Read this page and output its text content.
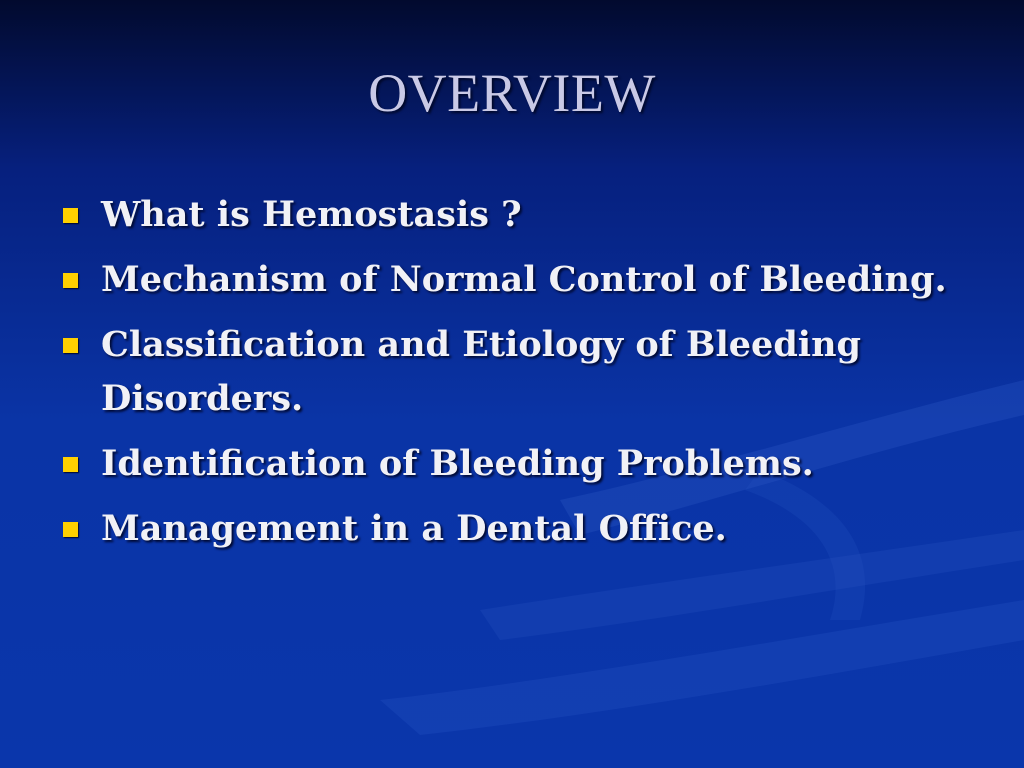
OVERVIEW
What is Hemostasis ?
Mechanism of Normal Control of Bleeding.
Classification and Etiology of Bleeding Disorders.
Identification of Bleeding Problems.
Management in a Dental Office.
